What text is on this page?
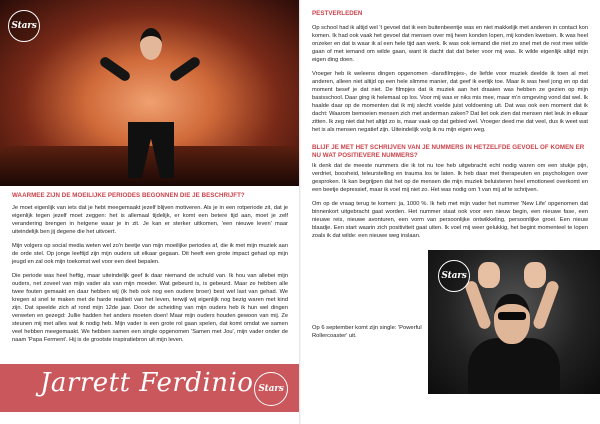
Stars
WAARMEE ZIJN DE MOEILIJKE PERIODES BEGONNEN DIE JE BESCHRIJFT?

Je moet eigenlijk van iets dat je hebt meegemaakt jezelf blijven motiveren. Als je in een rotperiode zit, dat je eigenlijk tegen jezelf moet zeggen: het is allemaal tijdelijk, er komt een betere tijd aan, moet je zelf verandering brengen in hetgene waar je in zit. Je kan er sterker uitkomen, 'een nieuwe leven' maar uiteindelijk ben jij degene die het uitvoert.

Mijn volgers op social media weten wel zo'n beetje van mijn moeilijke periodes af, die ik met mijn muziek aan de orde stel. Op jonge leeftijd zijn mijn ouders uit elkaar gegaan. Dit heeft een grote impact gehad op mijn jeugd en zal ook mijn toekomst wel voor een deel bepalen.

Die periode was heel heftig, maar uiteindelijk geef ik daar niemand de schuld van. Ik hou van allebei mijn ouders, net zoveel van mijn vader als van mijn moeder. Wat gebeurd is, is gebeurd. Maar ze hebben alle twee fouten gemaakt en daar hebben wij (ik heb ook nog een oudere broer) best wel last van gehad. We kregen al snel te maken met de harde realiteit van het leven, terwijl wij eigenlijk nog bezig waren met kind zijn. Dat speelde zich af rond mijn 12de jaar. Door de scheiding van mijn ouders heb ik hun wel dingen verweten en gezegd: Jullie hadden het anders moeten doen! Maar mijn ouders houden gewoon van mij. Ze steunen mij met alles wat ik nodig heb. Mijn vader is een grote rol gaan spelen, dat komt omdat we samen veel hebben meegemaakt. We hebben samen een single opgenomen 'Samen met Jou', mijn vader onder de naam 'Papa Ferment'. Hij is de grootste inspiratiebron uit mijn leven.

Jarrett Ferdinio Stars
PESTVERLEDEN

Op school had ik altijd wel 't gevoel dat ik een buitenbeentje was en niet makkelijk met anderen in contact kon komen. Ik had ook vaak het gevoel dat mensen over mij heen konden lopen, mij konden kwetsen. Ik was heel onzeker en dat is waar ik al een hele tijd aan werk. Ik was ook iemand die niet zo snel met de rest mee wilde gaan of met iemand om wilde gaan, want ik dacht dat dat beter voor mij was. Ik wilde eigenlijk altijd mijn eigen ding doen.

Vroeger heb ik weleens dingen opgenomen -dansfilmpjes-, de liefde voor muziek deelde ik toen al met anderen, alleen niet altijd op een hele slimme manier, dat geef ik eerlijk toe. Maar ik was heel jong en op dat moment besef je dat niet. De filmpjes dat ik muziek aan het draaien was hebben ze gezien op mijn basisschool. Daar ging ik helemaal op los. Voor mij was er niks mis mee, maar m'n omgeving vond dat wel. Ik haalde daar op de momenten dat ik mij slecht voelde juist voldoening uit. Dat was ook een moment dat ik dacht: Waarom bemoeien mensen zich met anderman zaken? Dat liet ook zien dat mensen niet leuk in elkaar zitten. Ik zeg niet dat het altijd zo is, maar vaak op dat gebied wel. Vroeger deed me dat veel, dus ik weet wat het is als mensen negatief zijn. Uiteindelijk volg ik nu mijn eigen weg.

BLIJF JE MET HET SCHRIJVEN VAN JE NUMMERS IN HETZELFDE GEVOEL OF KOMEN ER NU WAT POSITIEVERE NUMMERS?

Ik denk dat de meeste nummers die ik tot nu toe heb uitgebracht echt nodig waren om een stukje pijn, verdriet, boosheid, teleurstelling en trauma los te laten. Ik heb daar met therapeuten en psychologen over gesproken. Ik kan begrijpen dat het op de mensen die mijn muziek beluisteren heel emotioneel overkomt en een beetje depressief, maar ik voel mij niet zo. Het was nodig om 't van mij af te schrijven.

Om op de vraag terug te komen: ja, 1000 %. Ik heb met mijn vader het nummer 'New Life' opgenomen dat binnenkort uitgebracht gaat worden. Het nummer staat ook voor een nieuw begin, een nieuwe fase, een nieuwe reis, nieuwe avonturen, een vorm van persoonlijke ontwikkeling, persoonlijke groei. Een nieuw blaadje. Een start waarin zich positiviteit gaat uiten. Ik voel mij weer gelukkig, het begint momenteel te lopen zoals ik dat wilde: een nieuwe weg inslaan.

Op 6 september komt zijn single: 'Powerful Rollercoaster' uit.
Stars
